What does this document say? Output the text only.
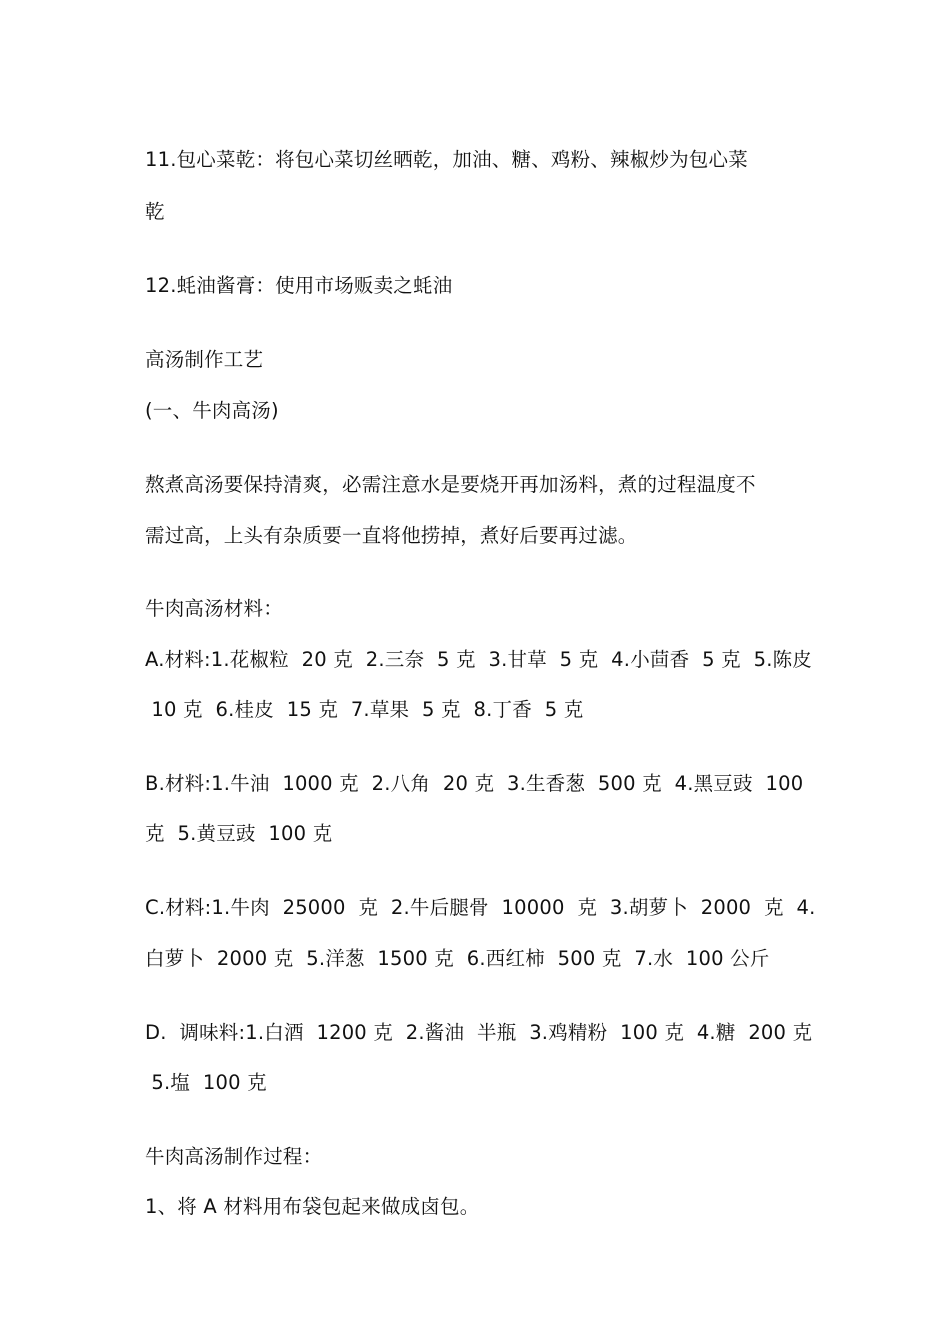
11.包心菜乾：将包心菜切丝晒乾，加油、糖、鸡粉、辣椒炒为包心菜
乾
12.蚝油酱膏：使用市场贩卖之蚝油
高汤制作工艺
(一、牛肉高汤)
熬煮高汤要保持清爽，必需注意水是要烧开再加汤料，煮的过程温度不
需过高，上头有杂质要一直将他捞掉，煮好后要再过滤。
牛肉高汤材料：
A.材料:1.花椒粒  20 克  2.三奈  5 克  3.甘草  5 克  4.小茴香  5 克  5.陈皮
10 克  6.桂皮  15 克  7.草果  5 克  8.丁香  5 克
B.材料:1.牛油  1000 克  2.八角  20 克  3.生香葱  500 克  4.黑豆豉  100
克  5.黄豆豉  100 克
C.材料:1.牛肉  25000  克  2.牛后腿骨  10000  克  3.胡萝卜  2000  克  4.
白萝卜  2000 克  5.洋葱  1500 克  6.西红柿  500 克  7.水  100 公斤
D.  调味料:1.白酒  1200 克  2.酱油  半瓶  3.鸡精粉  100 克  4.糖  200 克
5.塩  100 克
牛肉高汤制作过程：
1、将 A 材料用布袋包起来做成卤包。
